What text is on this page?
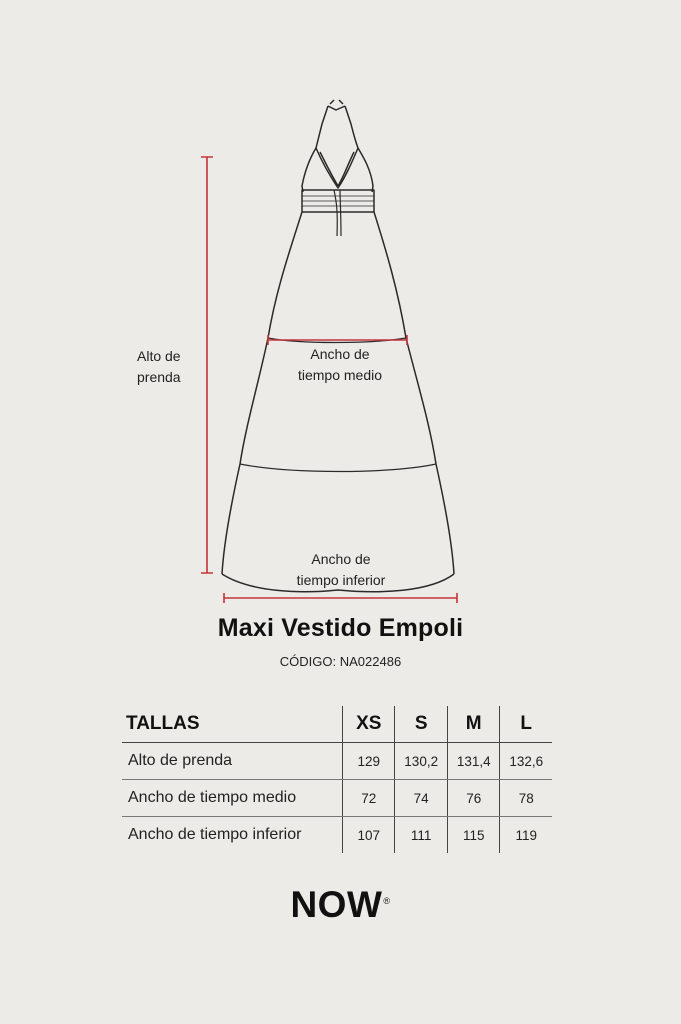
Alto de
prenda
Ancho de
tiempo medio
Ancho de
tiempo inferior
Maxi Vestido Empoli
CÓDIGO: NA022486
TALLAS	XS	S	M	L
Alto de prenda	129	130,2	131,4	132,6
Ancho de tiempo medio	72	74	76	78
Ancho de tiempo inferior	107	111	115	119
NOW®
